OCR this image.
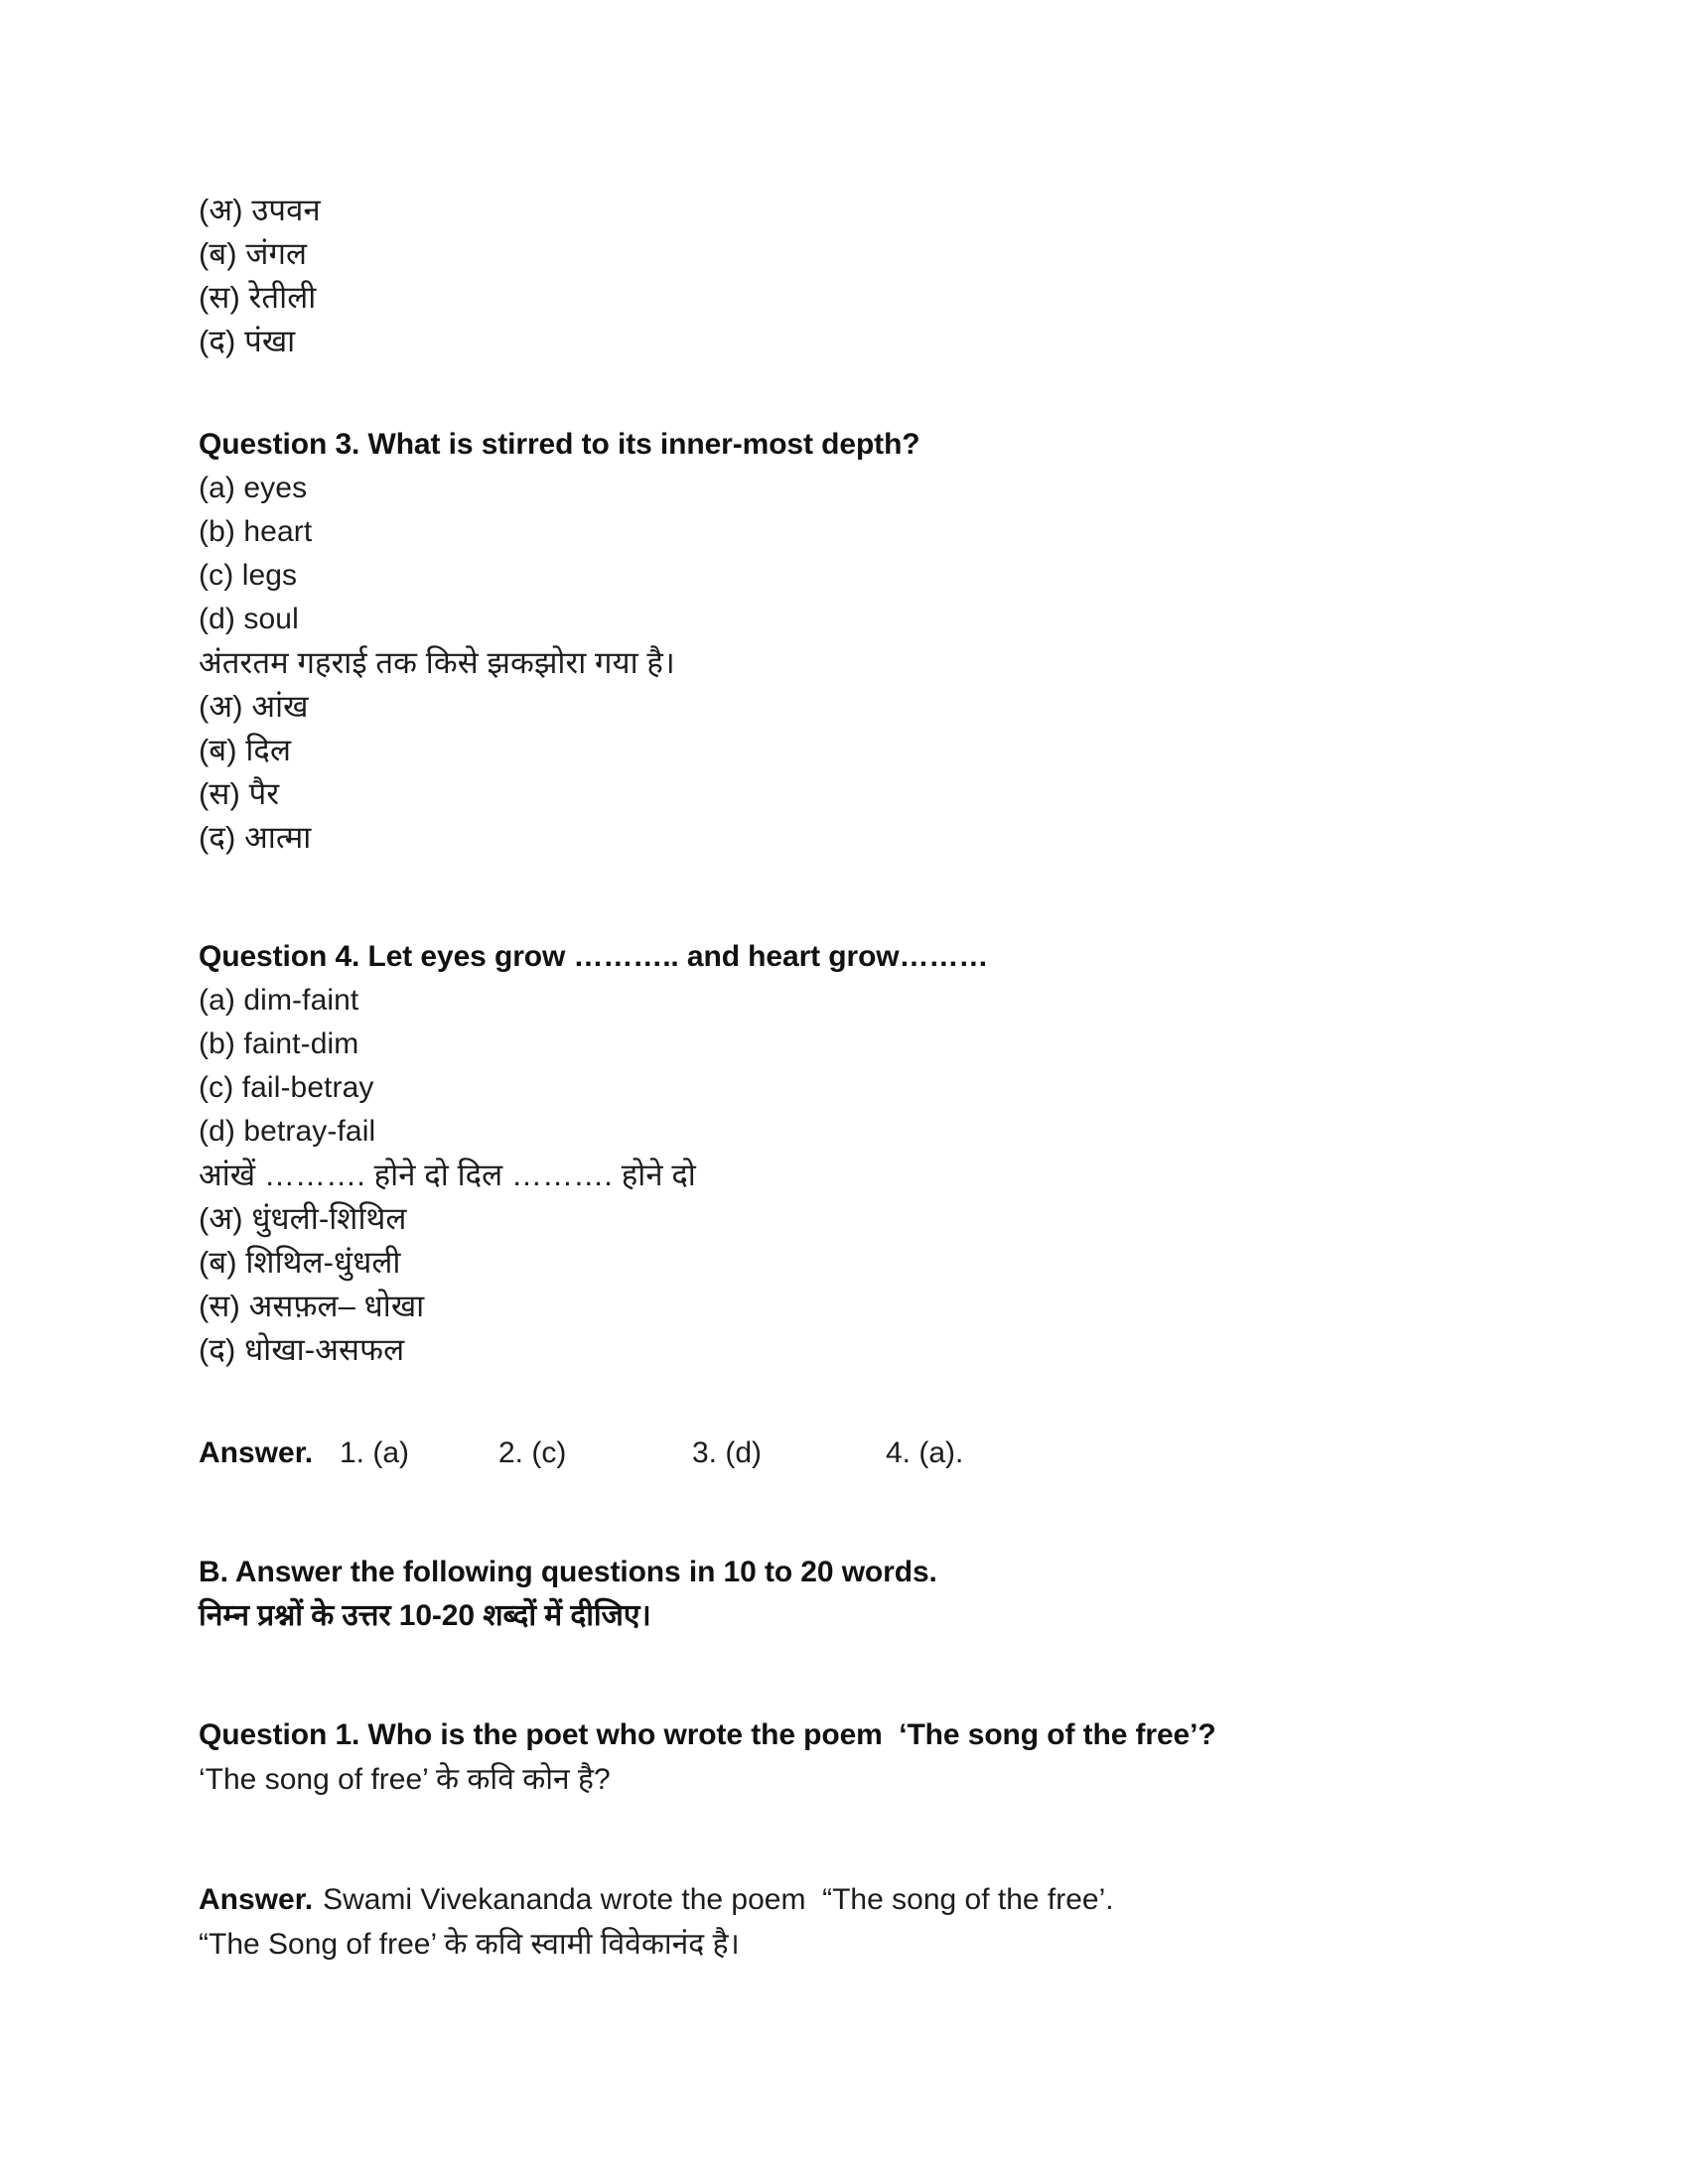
(अ) उपवन
(ब) जंगल
(स) रेतीली
(द) पंखा
Question 3. What is stirred to its inner-most depth?
(a) eyes
(b) heart
(c) legs
(d) soul
अंतरतम गहराई तक किसे झकझोरा गया है।
(अ) आंख
(ब) दिल
(स) पैर
(द) आत्मा
Question 4. Let eyes grow ……….. and heart grow………
(a) dim-faint
(b) faint-dim
(c) fail-betray
(d) betray-fail
आंखें ………. होने दो दिल ………. होने दो
(अ) धुंधली-शिथिल
(ब) शिथिल-धुंधली
(स) असफ़ल– धोखा
(द) धोखा-असफल
Answer. 1. (a)	2. (c)	3. (d)	4. (a).
B. Answer the following questions in 10 to 20 words.
निम्न प्रश्नों के उत्तर 10-20 शब्दों में दीजिए।
Question 1. Who is the poet who wrote the poem  ‘The song of the free’?
‘The song of free’ के कवि कोन है?
Answer. Swami Vivekananda wrote the poem  “The song of the free’.
“The Song of free’ के कवि स्वामी विवेकानंद है।
